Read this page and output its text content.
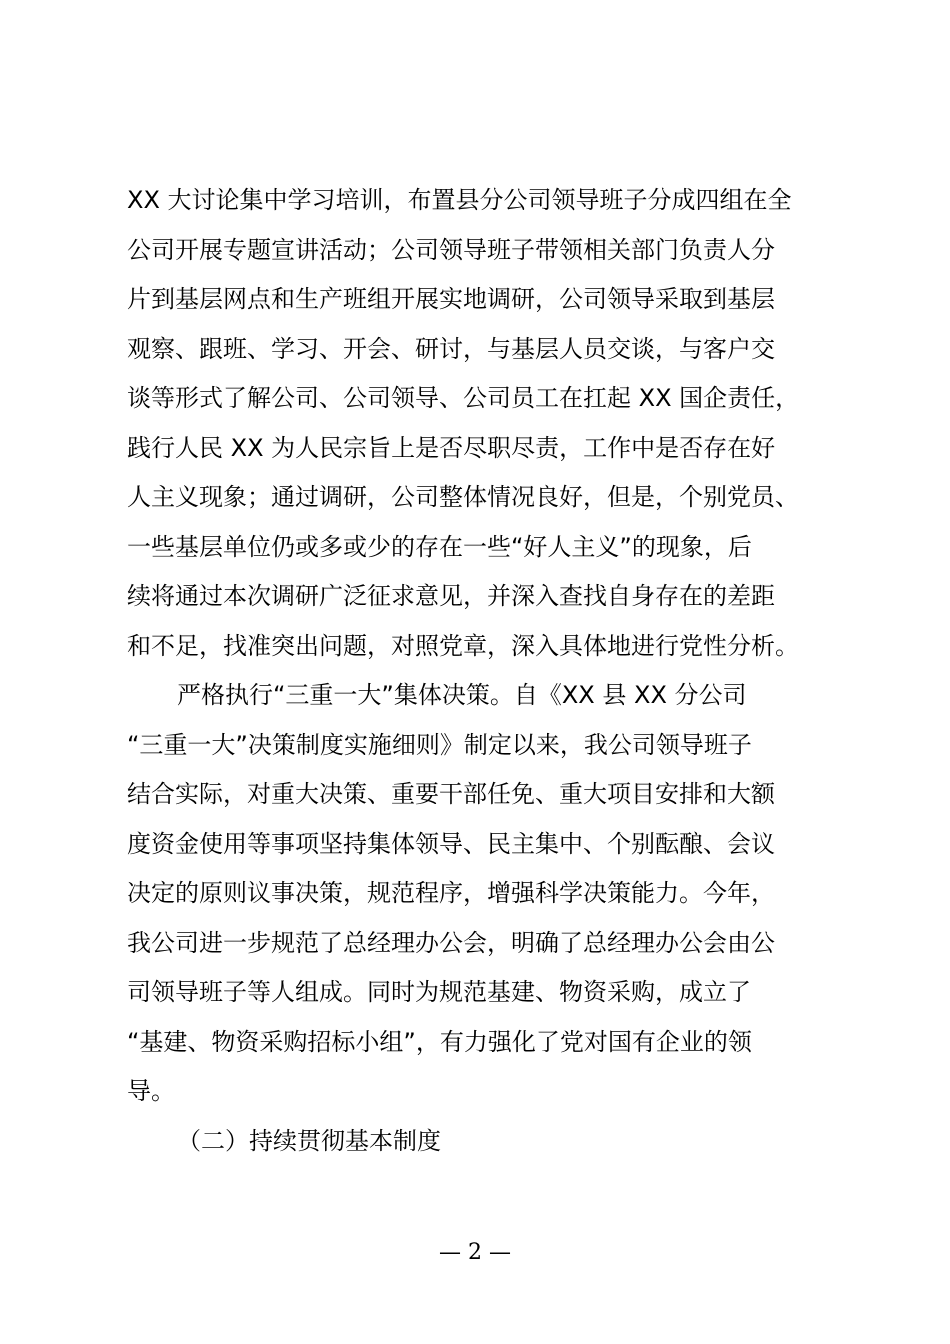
XX 大讨论集中学习培训，布置县分公司领导班子分成四组在全
公司开展专题宣讲活动；公司领导班子带领相关部门负责人分
片到基层网点和生产班组开展实地调研，公司领导采取到基层
观察、跟班、学习、开会、研讨，与基层人员交谈，与客户交
谈等形式了解公司、公司领导、公司员工在扛起 XX 国企责任，
践行人民 XX 为人民宗旨上是否尽职尽责，工作中是否存在好
人主义现象；通过调研，公司整体情况良好，但是，个别党员、
一些基层单位仍或多或少的存在一些“好人主义”的现象，后
续将通过本次调研广泛征求意见，并深入查找自身存在的差距
和不足，找准突出问题，对照党章，深入具体地进行党性分析。
严格执行“三重一大”集体决策。自《XX 县 XX 分公司
“三重一大”决策制度实施细则》制定以来，我公司领导班子
结合实际，对重大决策、重要干部任免、重大项目安排和大额
度资金使用等事项坚持集体领导、民主集中、个别酝酿、会议
决定的原则议事决策，规范程序，增强科学决策能力。今年，
我公司进一步规范了总经理办公会，明确了总经理办公会由公
司领导班子等人组成。同时为规范基建、物资采购，成立了
“基建、物资采购招标小组”，有力强化了党对国有企业的领
导。
（二）持续贯彻基本制度
— 2 —
